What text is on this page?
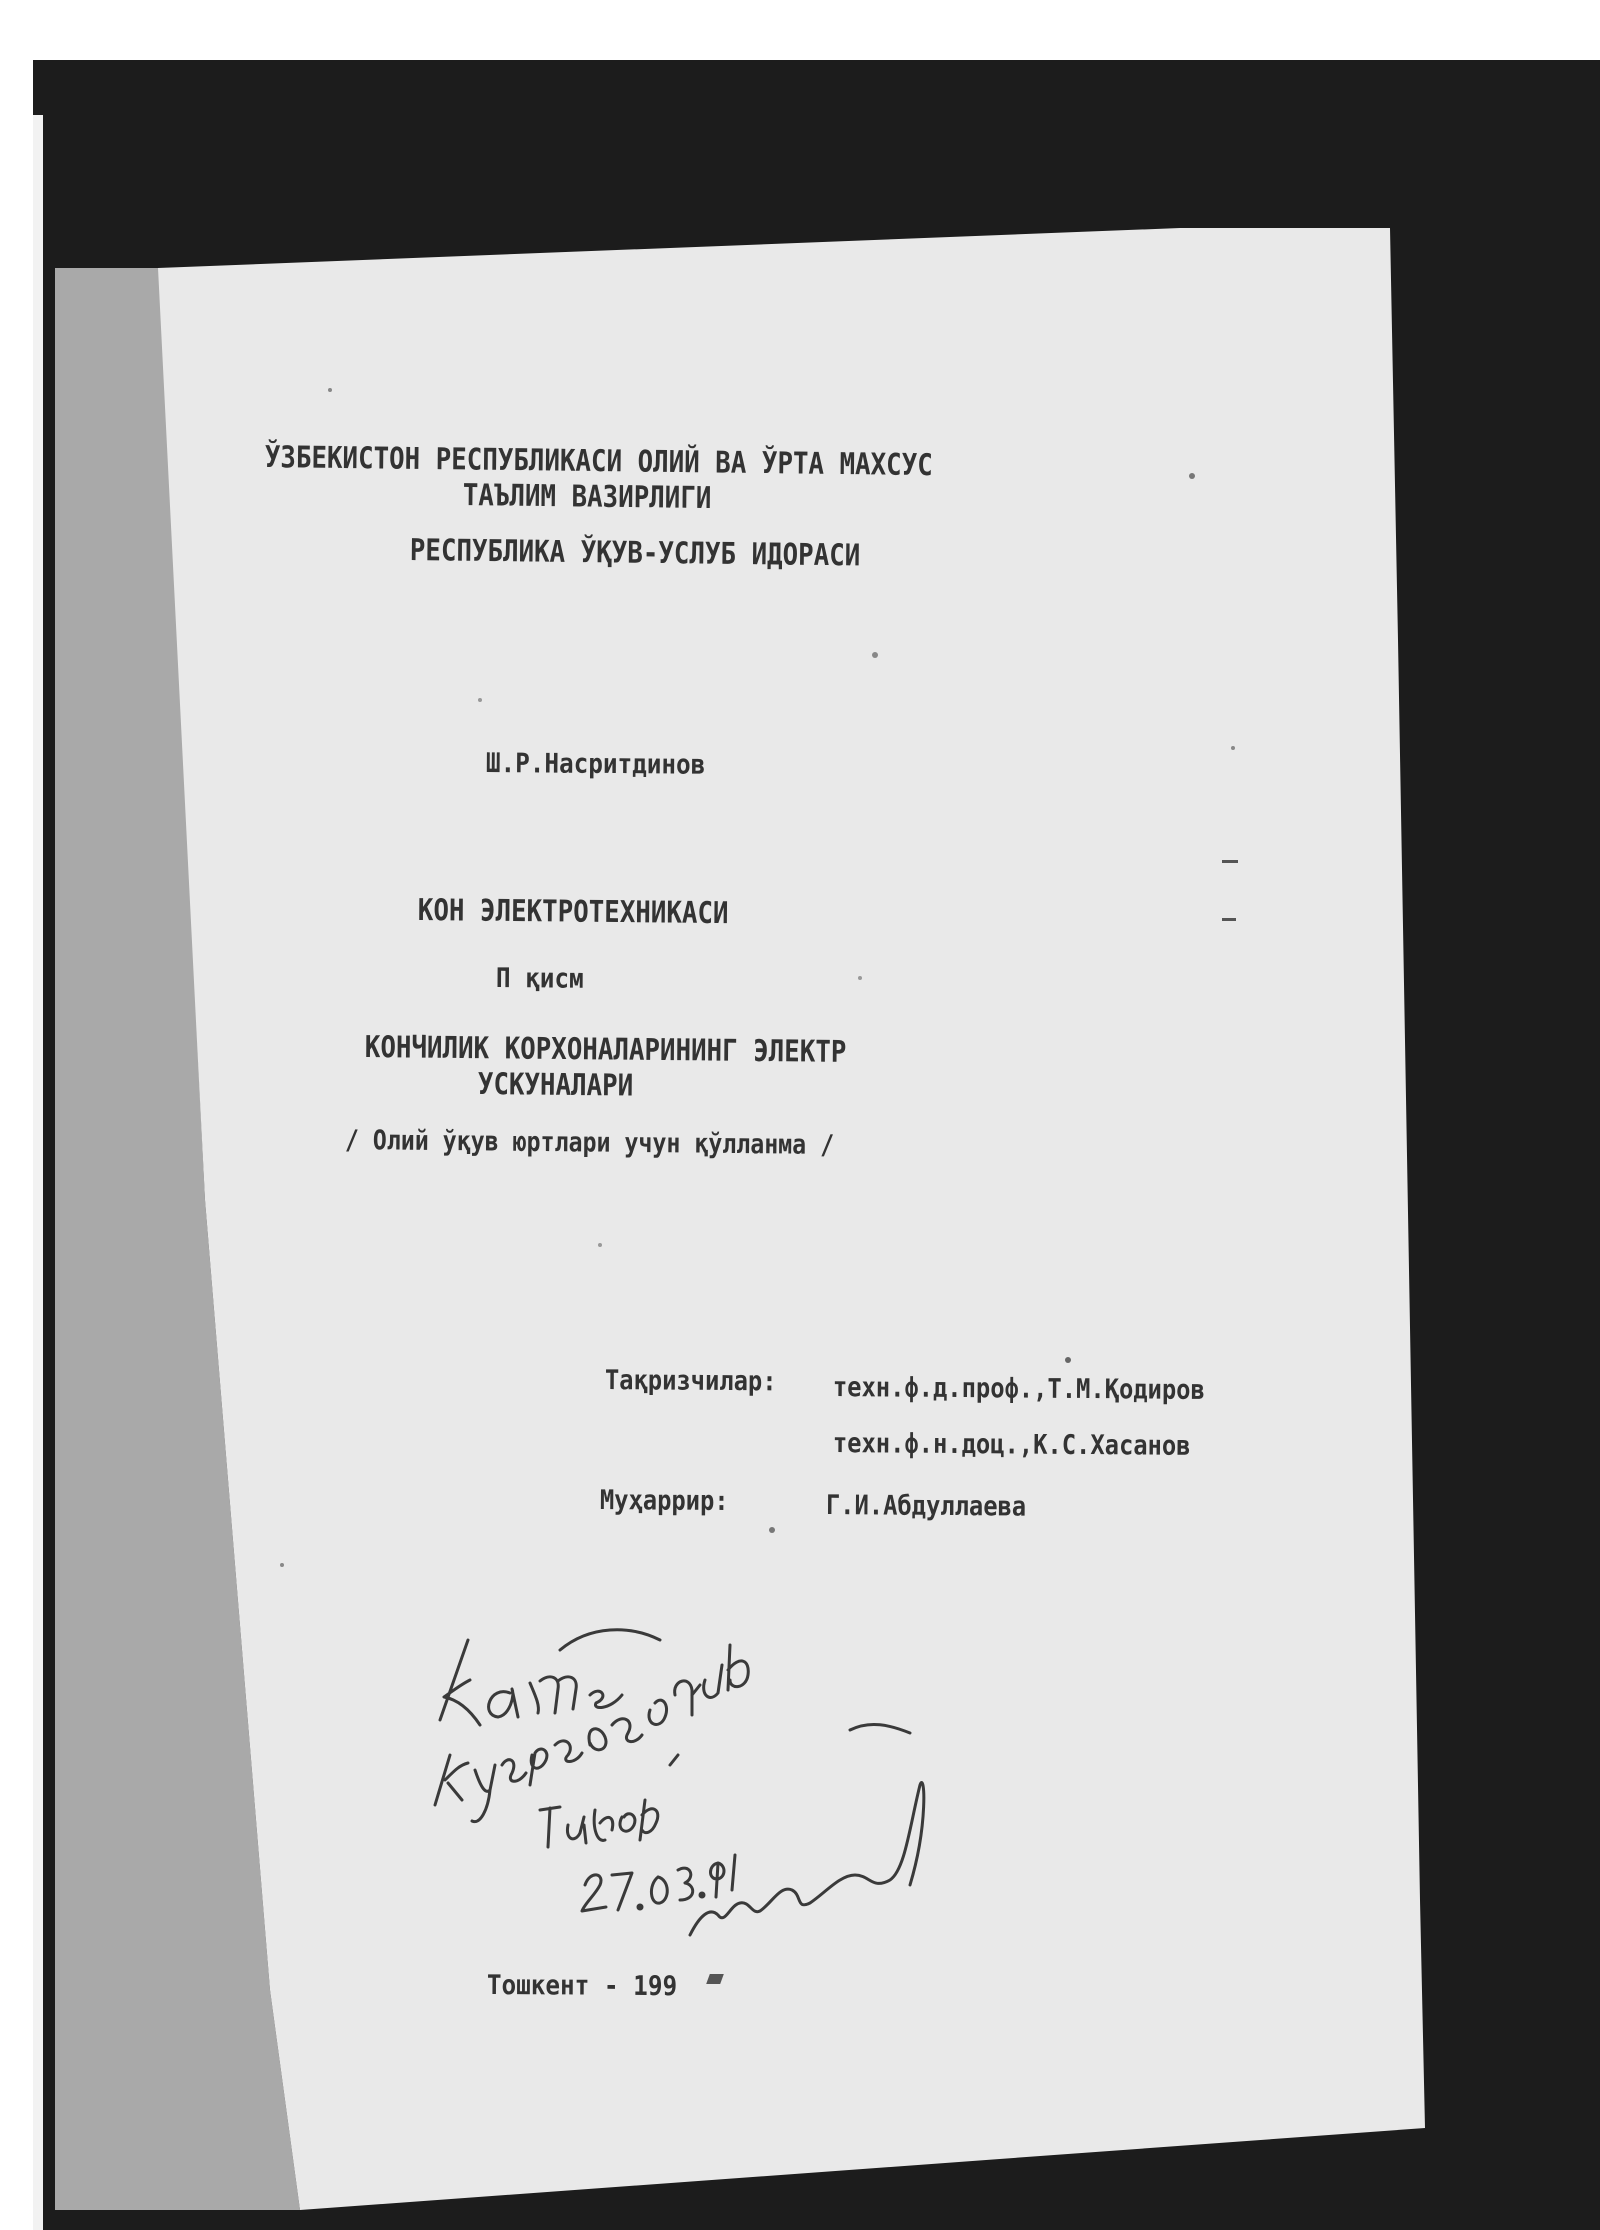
ЎЗБЕКИСТОН РЕСПУБЛИКАСИ ОЛИЙ ВА ЎРТА МАХСУС
ТАЪЛИМ ВАЗИРЛИГИ
РЕСПУБЛИКА ЎҚУВ-УСЛУБ ИДОРАСИ
Ш.Р.Насритдинов
КОН ЭЛЕКТРОТЕХНИКАСИ
П қисм
КОНЧИЛИК КОРХОНАЛАРИНИНГ ЭЛЕКТР
УСКУНАЛАРИ
/ Олий ўқув юртлари учун қўлланма /
Тақризчилар: техн.ф.д.проф.,Т.М.Қодиров
техн.ф.н.доц.,К.С.Хасанов
Муҳаррир:	Г.И.Абдуллаева
Тошкент - 199
